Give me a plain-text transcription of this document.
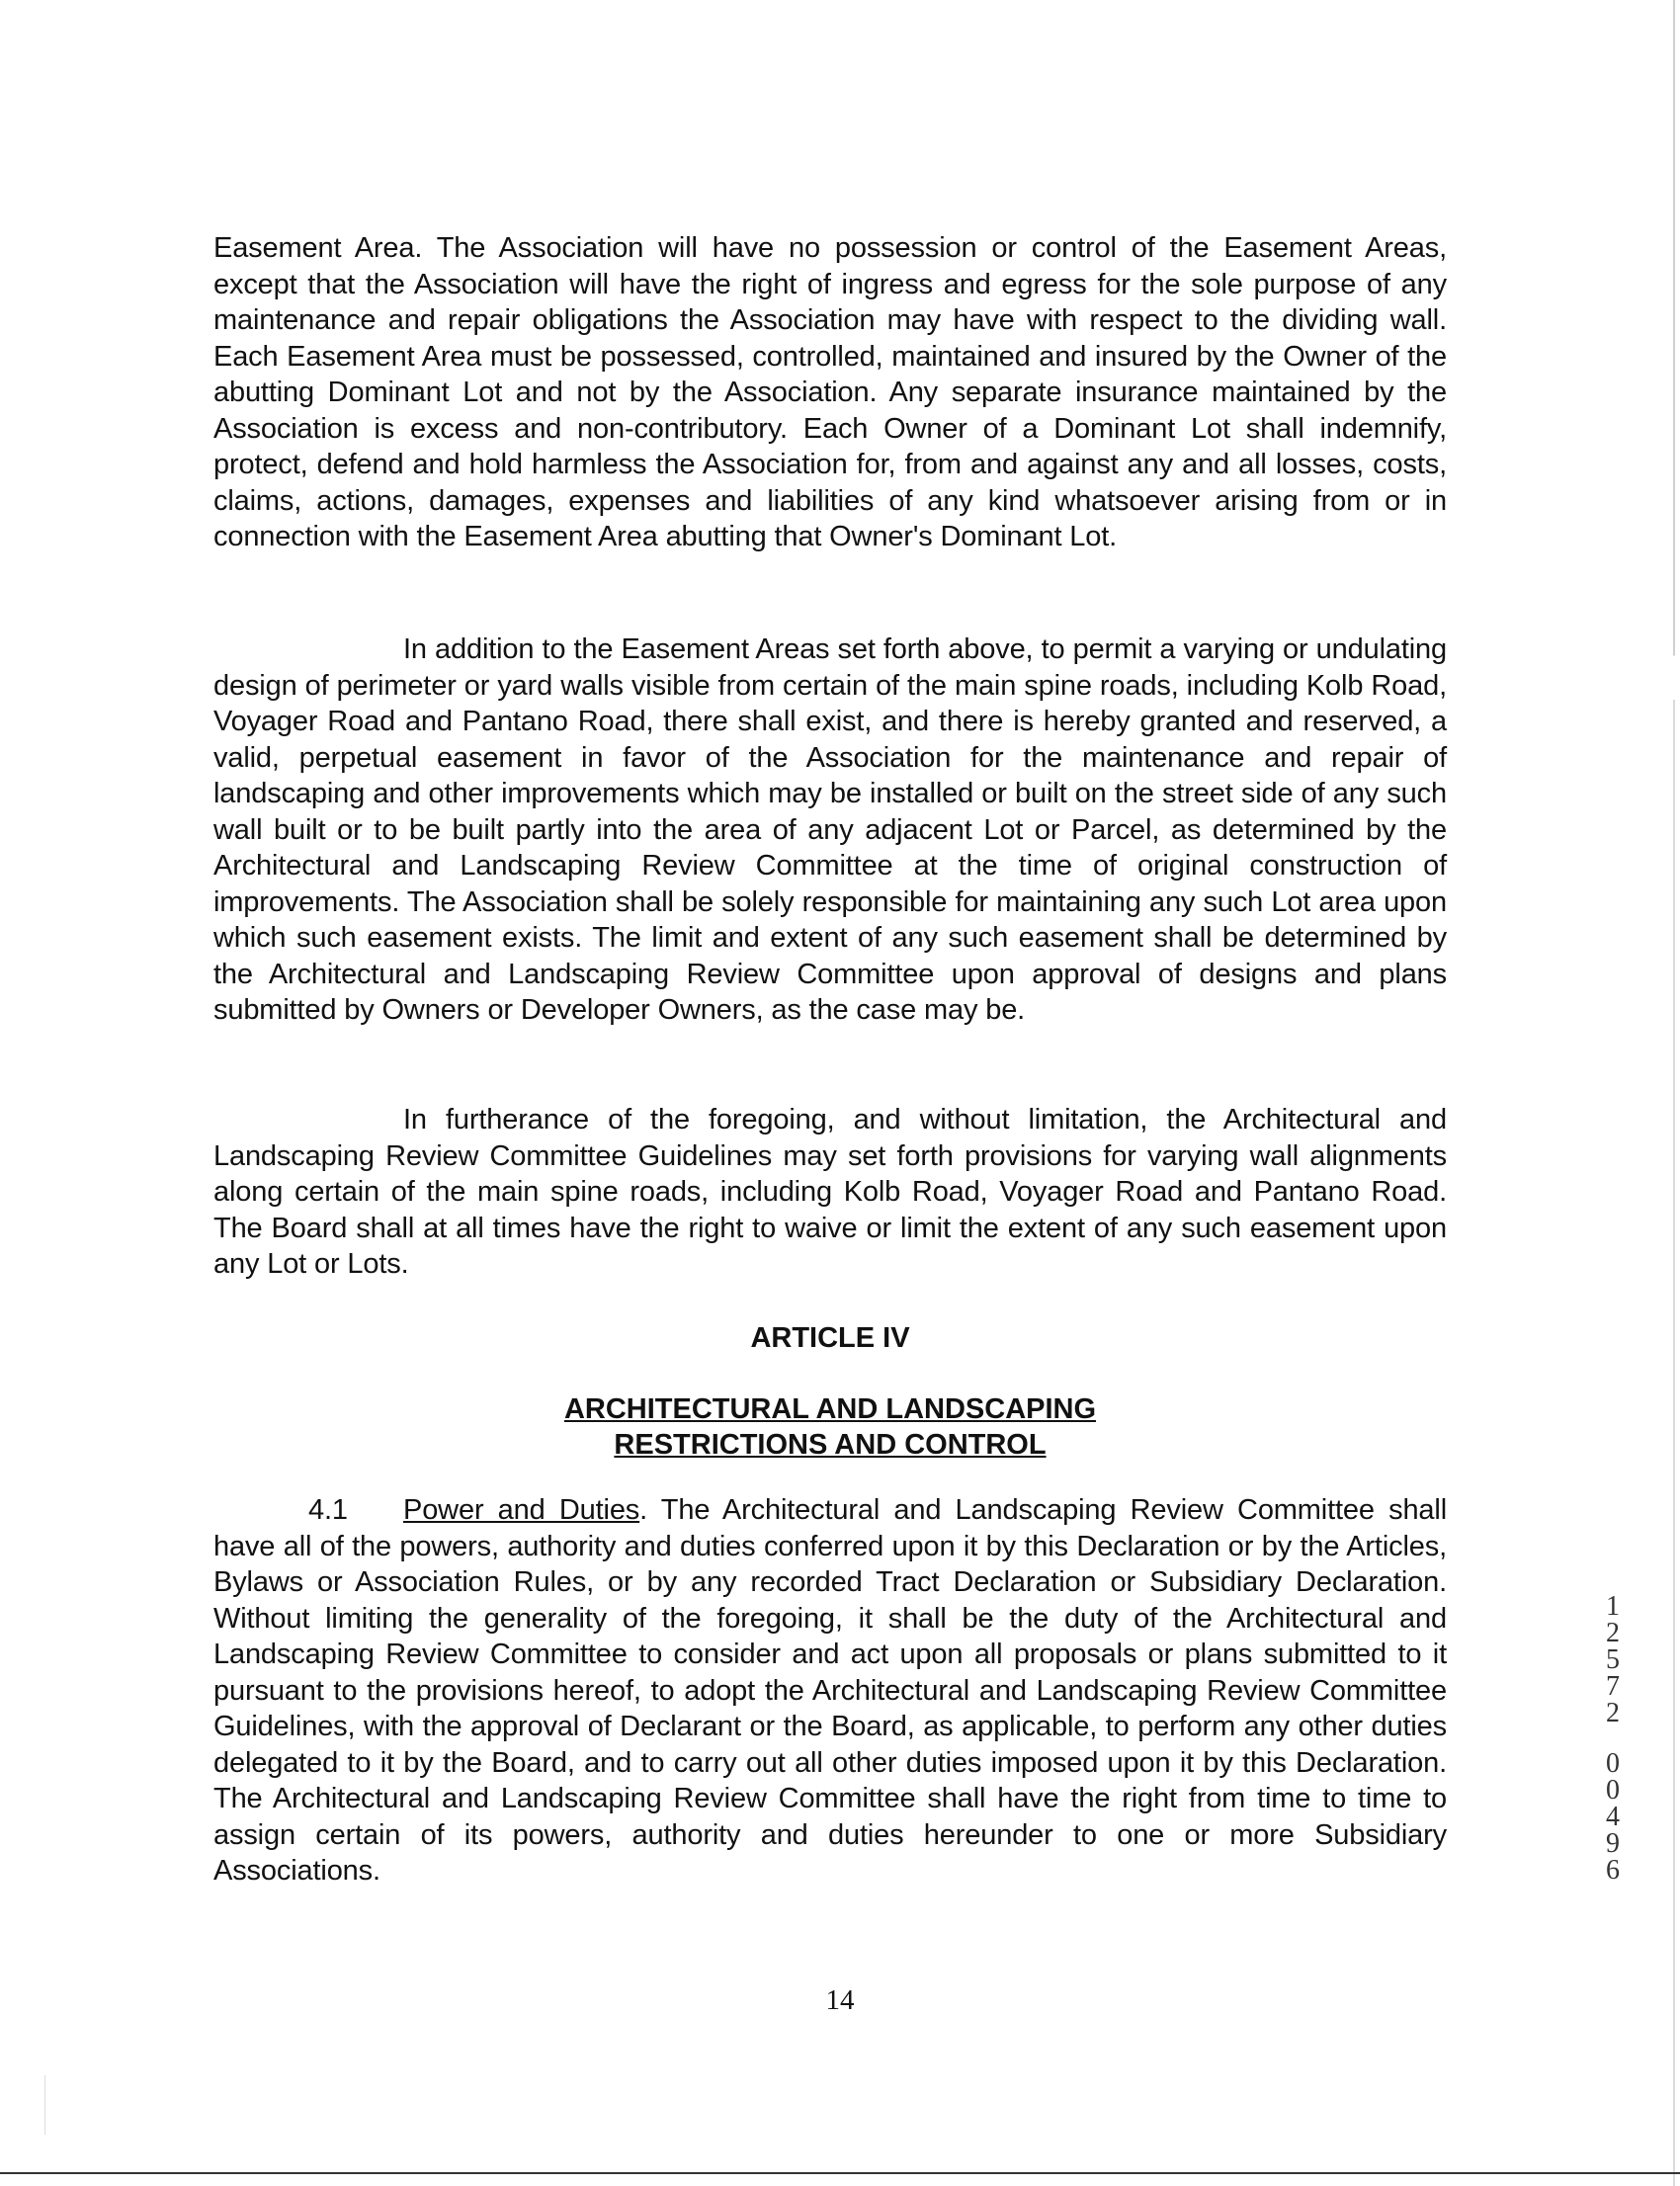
Easement Area. The Association will have no possession or control of the Easement Areas, except that the Association will have the right of ingress and egress for the sole purpose of any maintenance and repair obligations the Association may have with respect to the dividing wall. Each Easement Area must be possessed, controlled, maintained and insured by the Owner of the abutting Dominant Lot and not by the Association. Any separate insurance maintained by the Association is excess and non-contributory. Each Owner of a Dominant Lot shall indemnify, protect, defend and hold harmless the Association for, from and against any and all losses, costs, claims, actions, damages, expenses and liabilities of any kind whatsoever arising from or in connection with the Easement Area abutting that Owner's Dominant Lot.

In addition to the Easement Areas set forth above, to permit a varying or undulating design of perimeter or yard walls visible from certain of the main spine roads, including Kolb Road, Voyager Road and Pantano Road, there shall exist, and there is hereby granted and reserved, a valid, perpetual easement in favor of the Association for the maintenance and repair of landscaping and other improvements which may be installed or built on the street side of any such wall built or to be built partly into the area of any adjacent Lot or Parcel, as determined by the Architectural and Landscaping Review Committee at the time of original construction of improvements. The Association shall be solely responsible for maintaining any such Lot area upon which such easement exists. The limit and extent of any such easement shall be determined by the Architectural and Landscaping Review Committee upon approval of designs and plans submitted by Owners or Developer Owners, as the case may be.

In furtherance of the foregoing, and without limitation, the Architectural and Landscaping Review Committee Guidelines may set forth provisions for varying wall alignments along certain of the main spine roads, including Kolb Road, Voyager Road and Pantano Road. The Board shall at all times have the right to waive or limit the extent of any such easement upon any Lot or Lots.

ARTICLE IV
ARCHITECTURAL AND LANDSCAPING
RESTRICTIONS AND CONTROL

4.1 Power and Duties. The Architectural and Landscaping Review Committee shall have all of the powers, authority and duties conferred upon it by this Declaration or by the Articles, Bylaws or Association Rules, or by any recorded Tract Declaration or Subsidiary Declaration. Without limiting the generality of the foregoing, it shall be the duty of the Architectural and Landscaping Review Committee to consider and act upon all proposals or plans submitted to it pursuant to the provisions hereof, to adopt the Architectural and Landscaping Review Committee Guidelines, with the approval of Declarant or the Board, as applicable, to perform any other duties delegated to it by the Board, and to carry out all other duties imposed upon it by this Declaration. The Architectural and Landscaping Review Committee shall have the right from time to time to assign certain of its powers, authority and duties hereunder to one or more Subsidiary Associations.

14
1
2
5
7
2
0
0
4
9
6
